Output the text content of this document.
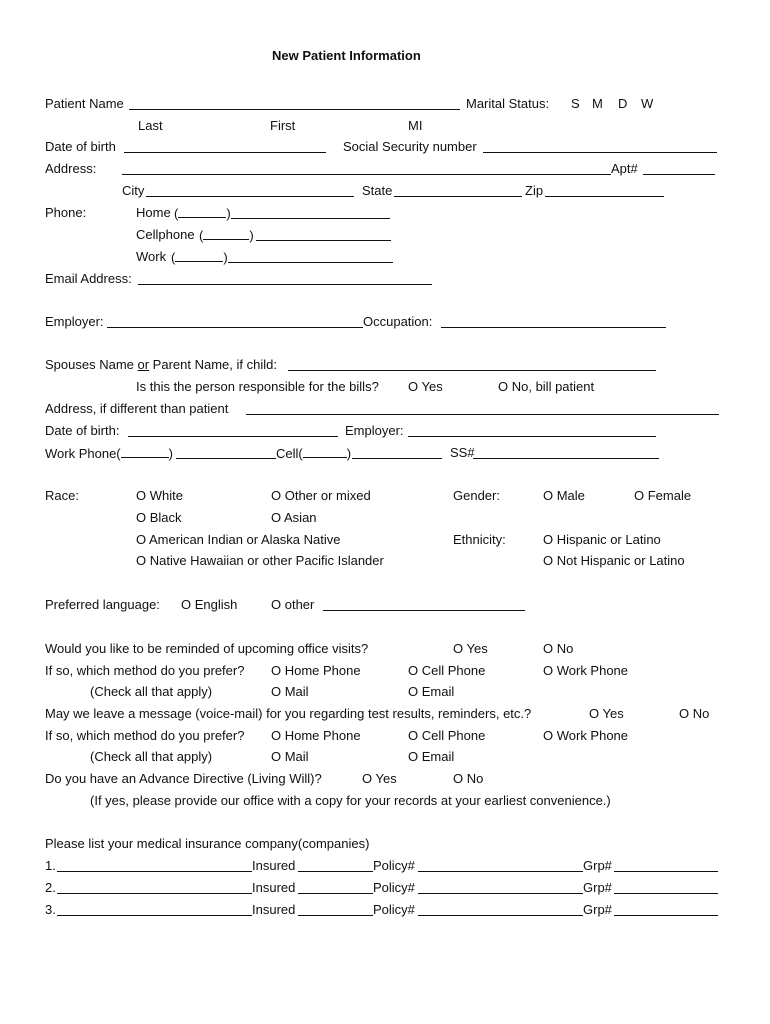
New Patient Information
Patient Name	Marital Status: S M D W
Last	First	MI
Date of birth	Social Security number
Address:	Apt#
City	State	Zip
Phone:	Home (	)
Cellphone (	)
Work (	)
Email Address:
Employer:	Occupation:
Spouses Name or Parent Name, if child:
Is this the person responsible for the bills? O Yes	O No, bill patient
Address, if different than patient
Date of birth:	Employer:
Work Phone(	)	Cell(	)	SS#
Race:	O White	O Other or mixed	Gender:	O Male	O Female
O Black	O Asian
O American Indian or Alaska Native	Ethnicity:	O Hispanic or Latino
O Native Hawaiian or other Pacific Islander	O Not Hispanic or Latino
Preferred language: O English	O other
Would you like to be reminded of upcoming office visits?	O Yes	O No
If so, which method do you prefer? O Home Phone	O Cell Phone	O Work Phone
(Check all that apply)	O Mail	O Email
May we leave a message (voice-mail) for you regarding test results, reminders, etc.?	O Yes	O No
If so, which method do you prefer? O Home Phone	O Cell Phone	O Work Phone
(Check all that apply)	O Mail	O Email
Do you have an Advance Directive (Living Will)?	O Yes	O No
(If yes, please provide our office with a copy for your records at your earliest convenience.)
Please list your medical insurance company(companies)
1.	Insured	Policy#	Grp#
2.	Insured	Policy#	Grp#
3.	Insured	Policy#	Grp#
